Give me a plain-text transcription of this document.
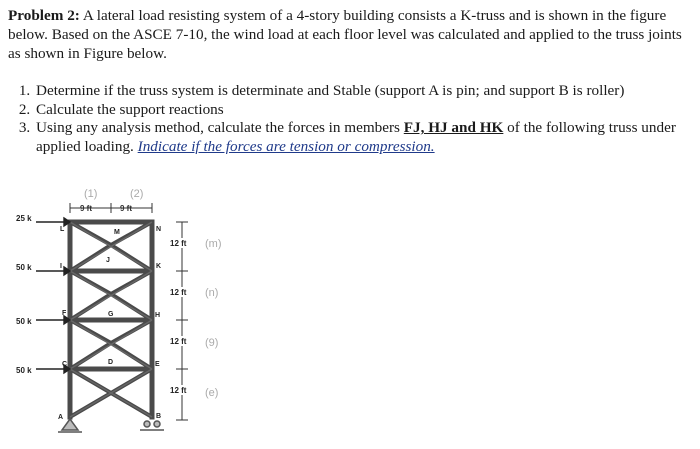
Problem 2: A lateral load resisting system of a 4-story building consists a K-truss and is shown in the figure below. Based on the ASCE 7-10, the wind load at each floor level was calculated and applied to the truss joints as shown in Figure below.
1. Determine if the truss system is determinate and Stable (support A is pin; and support B is roller)
2. Calculate the support reactions
3. Using any analysis method, calculate the forces in members FJ, HJ and HK of the following truss under applied loading. Indicate if the forces are tension or compression.
9 ft	9 ft
(1)	(2)
25 k
50 k
50 k
50 k
12 ft
12 ft
12 ft
12 ft
(m)
(n)
(9)
(e)
L	M	N
I	K
J
F	G	H
C	D	E
A	B
